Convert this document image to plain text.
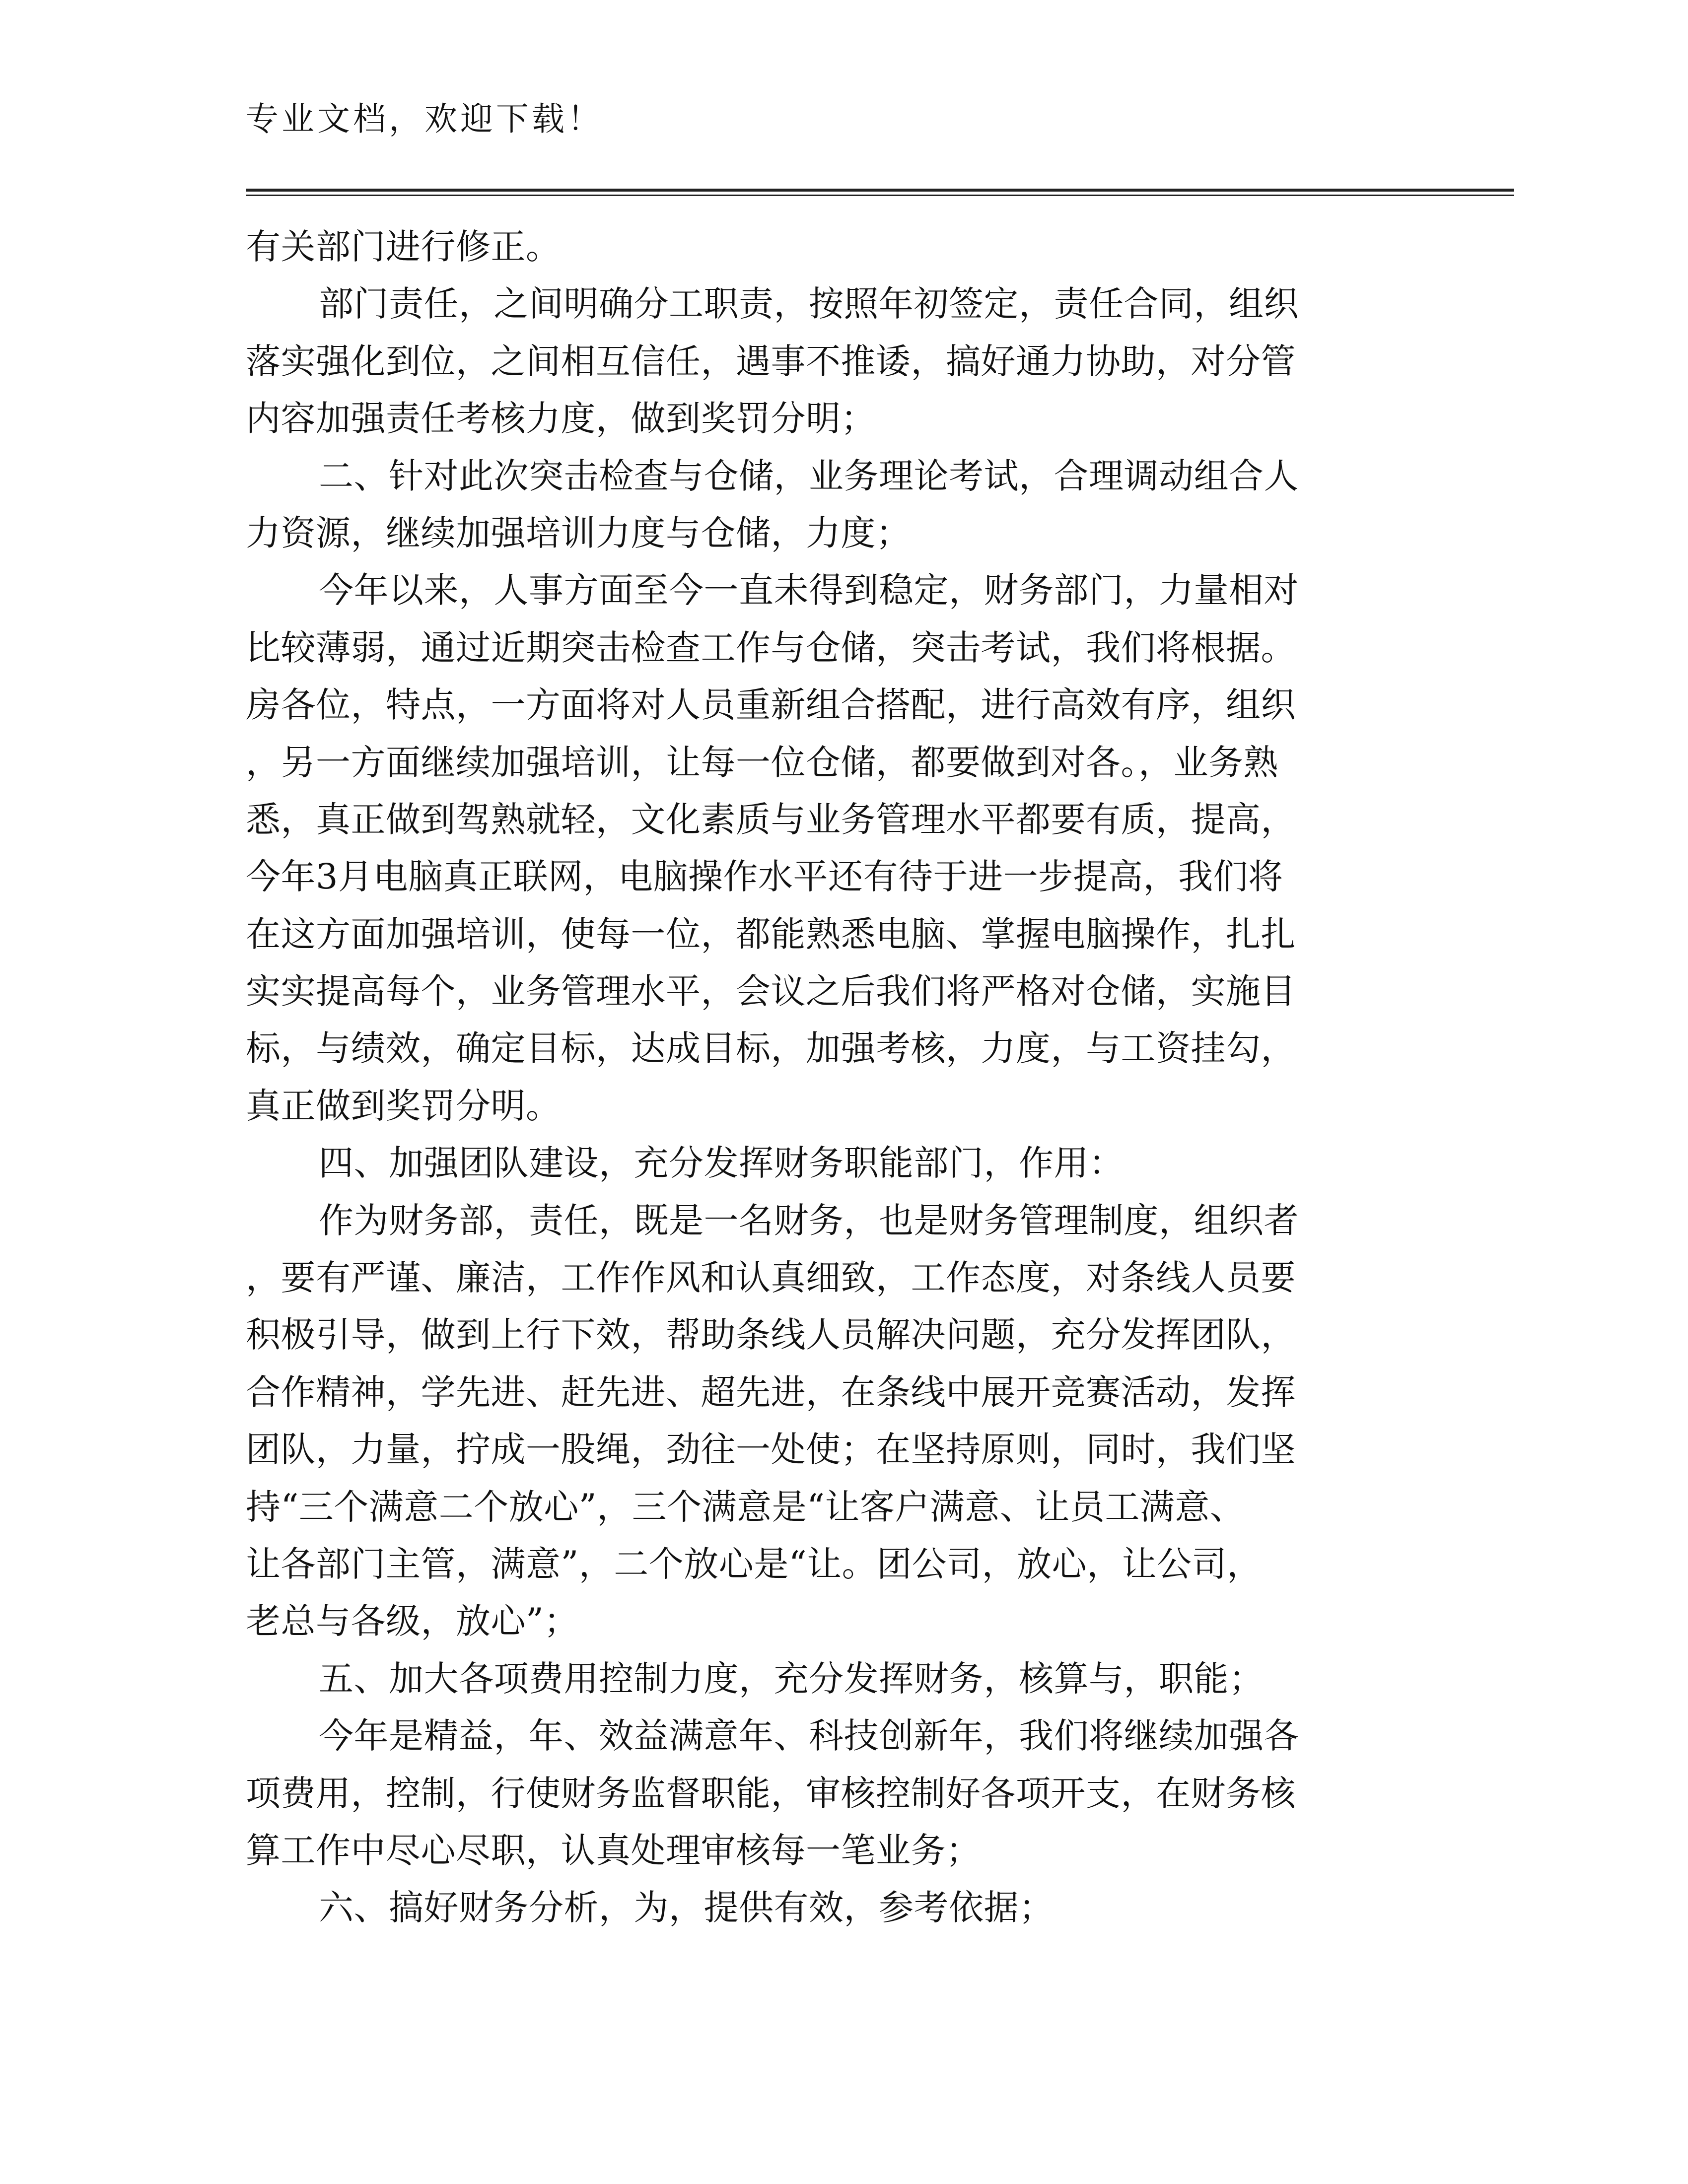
专业文档，欢迎下载！
有关部门进行修正。
部门责任，之间明确分工职责，按照年初签定，责任合同，组织
落实强化到位，之间相互信任，遇事不推诿，搞好通力协助，对分管
内容加强责任考核力度，做到奖罚分明；
二、针对此次突击检查与仓储，业务理论考试，合理调动组合人
力资源，继续加强培训力度与仓储，力度；
今年以来，人事方面至今一直未得到稳定，财务部门，力量相对
比较薄弱，通过近期突击检查工作与仓储，突击考试，我们将根据。
房各位，特点，一方面将对人员重新组合搭配，进行高效有序，组织
，另一方面继续加强培训，让每一位仓储，都要做到对各。，业务熟
悉，真正做到驾熟就轻，文化素质与业务管理水平都要有质，提高，
今年3月电脑真正联网，电脑操作水平还有待于进一步提高，我们将
在这方面加强培训，使每一位，都能熟悉电脑、掌握电脑操作，扎扎
实实提高每个，业务管理水平，会议之后我们将严格对仓储，实施目
标，与绩效，确定目标，达成目标，加强考核，力度，与工资挂勾，
真正做到奖罚分明。
四、加强团队建设，充分发挥财务职能部门，作用：
作为财务部，责任，既是一名财务，也是财务管理制度，组织者
，要有严谨、廉洁，工作作风和认真细致，工作态度，对条线人员要
积极引导，做到上行下效，帮助条线人员解决问题，充分发挥团队，
合作精神，学先进、赶先进、超先进，在条线中展开竞赛活动，发挥
团队，力量，拧成一股绳，劲往一处使；在坚持原则，同时，我们坚
持“三个满意二个放心”，三个满意是“让客户满意、让员工满意、
让各部门主管，满意”，二个放心是“让。团公司，放心，让公司，
老总与各级，放心”；
五、加大各项费用控制力度，充分发挥财务，核算与，职能；
今年是精益，年、效益满意年、科技创新年，我们将继续加强各
项费用，控制，行使财务监督职能，审核控制好各项开支，在财务核
算工作中尽心尽职，认真处理审核每一笔业务；
六、搞好财务分析，为，提供有效，参考依据；
